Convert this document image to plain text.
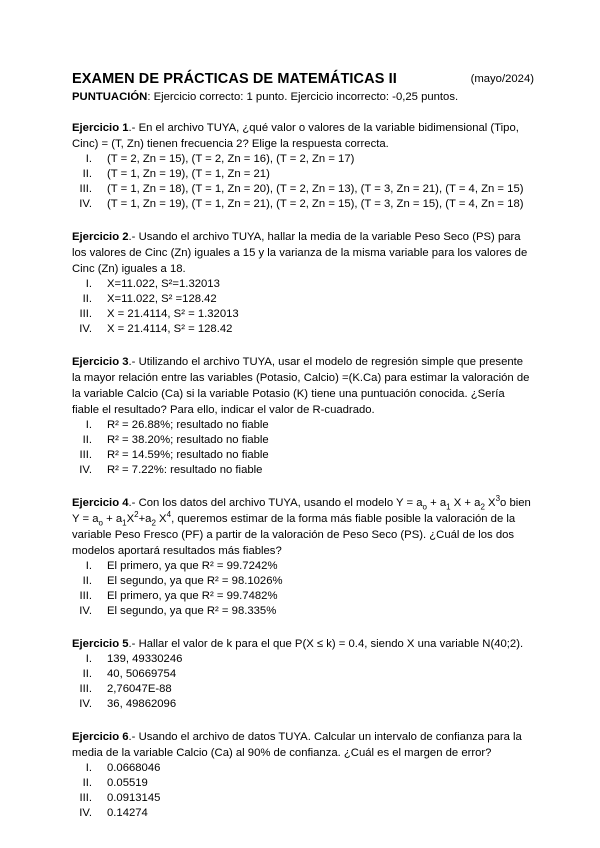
EXAMEN DE PRÁCTICAS DE MATEMÁTICAS II	(mayo/2024)
PUNTUACIÓN: Ejercicio correcto: 1 punto. Ejercicio incorrecto: -0,25 puntos.
Ejercicio 1.- En el archivo TUYA, ¿qué valor o valores de la variable bidimensional (Tipo, Cinc) = (T, Zn) tienen frecuencia 2? Elige la respuesta correcta.
I. (T = 2, Zn = 15), (T = 2, Zn = 16), (T = 2, Zn = 17)
II. (T = 1, Zn = 19), (T = 1, Zn = 21)
III. (T = 1, Zn = 18), (T = 1, Zn = 20), (T = 2, Zn = 13), (T = 3, Zn = 21), (T = 4, Zn = 15)
IV. (T = 1, Zn = 19), (T = 1, Zn = 21), (T = 2, Zn = 15), (T = 3, Zn = 15), (T = 4, Zn = 18)
Ejercicio 2.- Usando el archivo TUYA, hallar la media de la variable Peso Seco (PS) para los valores de Cinc (Zn) iguales a 15 y la varianza de la misma variable para los valores de Cinc (Zn) iguales a 18.
I. X=11.022, S²=1.32013
II. X=11.022, S² =128.42
III. X = 21.4114, S² = 1.32013
IV. X = 21.4114, S² = 128.42
Ejercicio 3.- Utilizando el archivo TUYA, usar el modelo de regresión simple que presente la mayor relación entre las variables (Potasio, Calcio) =(K.Ca) para estimar la valoración de la variable Calcio (Ca) si la variable Potasio (K) tiene una puntuación conocida. ¿Sería fiable el resultado? Para ello, indicar el valor de R-cuadrado.
I. R² = 26.88%; resultado no fiable
II. R² = 38.20%; resultado no fiable
III. R² = 14.59%; resultado no fiable
IV. R² = 7.22%: resultado no fiable
Ejercicio 4.- Con los datos del archivo TUYA, usando el modelo $Y = a_o + a_1$ $X + a_2$ $X^3o$ bien $Y = a_o + a_1X^2+a_2$ $X^4$, queremos estimar de la forma más fiable posible la valoración de la variable Peso Fresco (PF) a partir de la valoración de Peso Seco (PS). ¿Cuál de los dos modelos aportará resultados más fiables?
I. El primero, ya que R² = 99.7242%
II. El segundo, ya que R² = 98.1026%
III. El primero, ya que R² = 99.7482%
IV. El segundo, ya que R² = 98.335%
Ejercicio 5.- Hallar el valor de k para el que P(X ≤ k) = 0.4, siendo X una variable N(40;2).
I. 139, 49330246
II. 40, 50669754
III. 2,76047E-88
IV. 36, 49862096
Ejercicio 6.- Usando el archivo de datos TUYA. Calcular un intervalo de confianza para la media de la variable Calcio (Ca) al 90% de confianza. ¿Cuál es el margen de error?
I. 0.0668046
II. 0.05519
III. 0.0913145
IV. 0.14274
